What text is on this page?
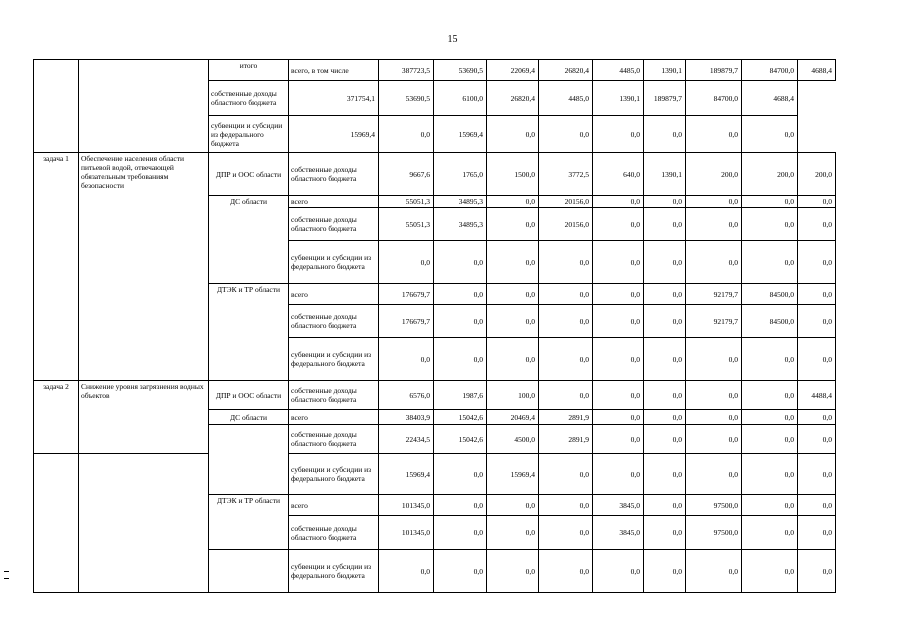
15
		итого	всего, в том числе	387723,5	53690,5	22069,4	26820,4	4485,0	1390,1	189879,7	84700,0	4688,4
		собственные доходы областного бюджета	371754,1	53690,5	6100,0	26820,4	4485,0	1390,1	189879,7	84700,0	4688,4	
		субвенции и субсидии из федерального бюджета	15969,4	0,0	15969,4	0,0	0,0	0,0	0,0	0,0	0,0	
задача 1	Обеспечение населения области питьевой водой, отвечающей обязательным требованиям безопасности	ДПР и ООС области	собственные доходы областного бюджета	9667,6	1765,0	1500,0	3772,5	640,0	1390,1	200,0	200,0	200,0
		ДС области	всего	55051,3	34895,3	0,0	20156,0	0,0	0,0	0,0	0,0	0,0
			собственные доходы областного бюджета	55051,3	34895,3	0,0	20156,0	0,0	0,0	0,0	0,0	0,0
			субвенции и субсидии из федерального бюджета	0,0	0,0	0,0	0,0	0,0	0,0	0,0	0,0	0,0
		ДТЭК и ТР области	всего	176679,7	0,0	0,0	0,0	0,0	0,0	92179,7	84500,0	0,0
			собственные доходы областного бюджета	176679,7	0,0	0,0	0,0	0,0	0,0	92179,7	84500,0	0,0
			субвенции и субсидии из федерального бюджета	0,0	0,0	0,0	0,0	0,0	0,0	0,0	0,0	0,0
задача 2	Снижение уровня загрязнения водных объектов	ДПР и ООС области	собственные доходы областного бюджета	6576,0	1987,6	100,0	0,0	0,0	0,0	0,0	0,0	4488,4
		ДС области	всего	38403,9	15042,6	20469,4	2891,9	0,0	0,0	0,0	0,0	0,0
			собственные доходы областного бюджета	22434,5	15042,6	4500,0	2891,9	0,0	0,0	0,0	0,0	0,0
			субвенции и субсидии из федерального бюджета	15969,4	0,0	15969,4	0,0	0,0	0,0	0,0	0,0	0,0
		ДТЭК и ТР области	всего	101345,0	0,0	0,0	0,0	3845,0	0,0	97500,0	0,0	0,0
			собственные доходы областного бюджета	101345,0	0,0	0,0	0,0	3845,0	0,0	97500,0	0,0	0,0
			субвенции и субсидии из федерального бюджета	0,0	0,0	0,0	0,0	0,0	0,0	0,0	0,0	0,0
